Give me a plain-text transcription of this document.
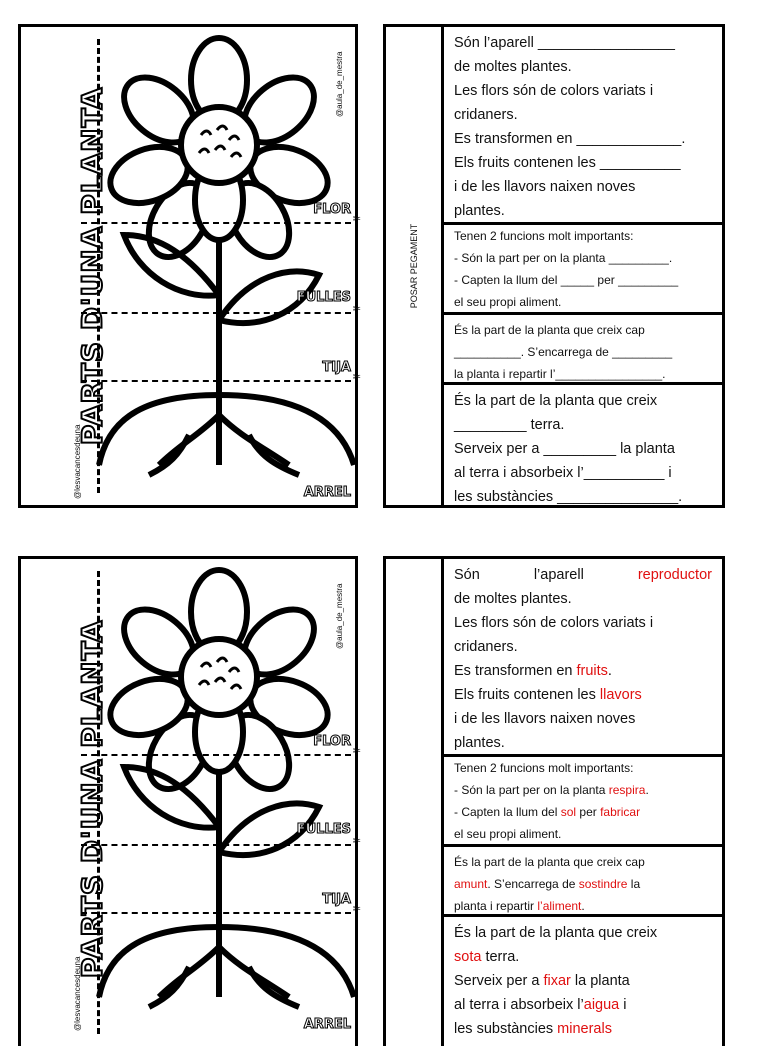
PARTS D'UNA PLANTA
@lesvacancesdeuna
@aula_de_mestra
FLOR
✂
FULLES
✂
TIJA
✂
ARREL
POSAR PEGAMENT
Són l’aparell _________________
de moltes plantes.
Les flors són de colors variats i
cridaners.
Es transformen en _____________.
Els fruits contenen les __________
i de les llavors naixen noves
plantes.
Tenen 2 funcions molt importants:
- Són la part per on la planta _________.
- Capten la llum del _____ per _________
el seu propi aliment.
És la part de la planta que creix cap
__________. S’encarrega de _________
la planta i repartir l’________________.
És la part de la planta que creix
_________ terra.
Serveix per a _________ la planta
al terra i absorbeix l’__________ i
les substàncies _______________.
PARTS D'UNA PLANTA
@lesvacancesdeuna
@aula_de_mestra
FLOR
✂
FULLES
✂
TIJA
✂
ARREL
Són	l’aparell	reproductor
de moltes plantes.
Les flors són de colors variats i
cridaners.
Es transformen en fruits.
Els fruits contenen les llavors
i de les llavors naixen noves
plantes.
Tenen 2 funcions molt importants:
- Són la part per on la planta respira.
- Capten la llum del sol per fabricar
el seu propi aliment.
És la part de la planta que creix cap
amunt. S’encarrega de sostindre la
planta i repartir l’aliment.
És la part de la planta que creix
sota terra.
Serveix per a fixar la planta
al terra i absorbeix l’aigua i
les substàncies minerals
